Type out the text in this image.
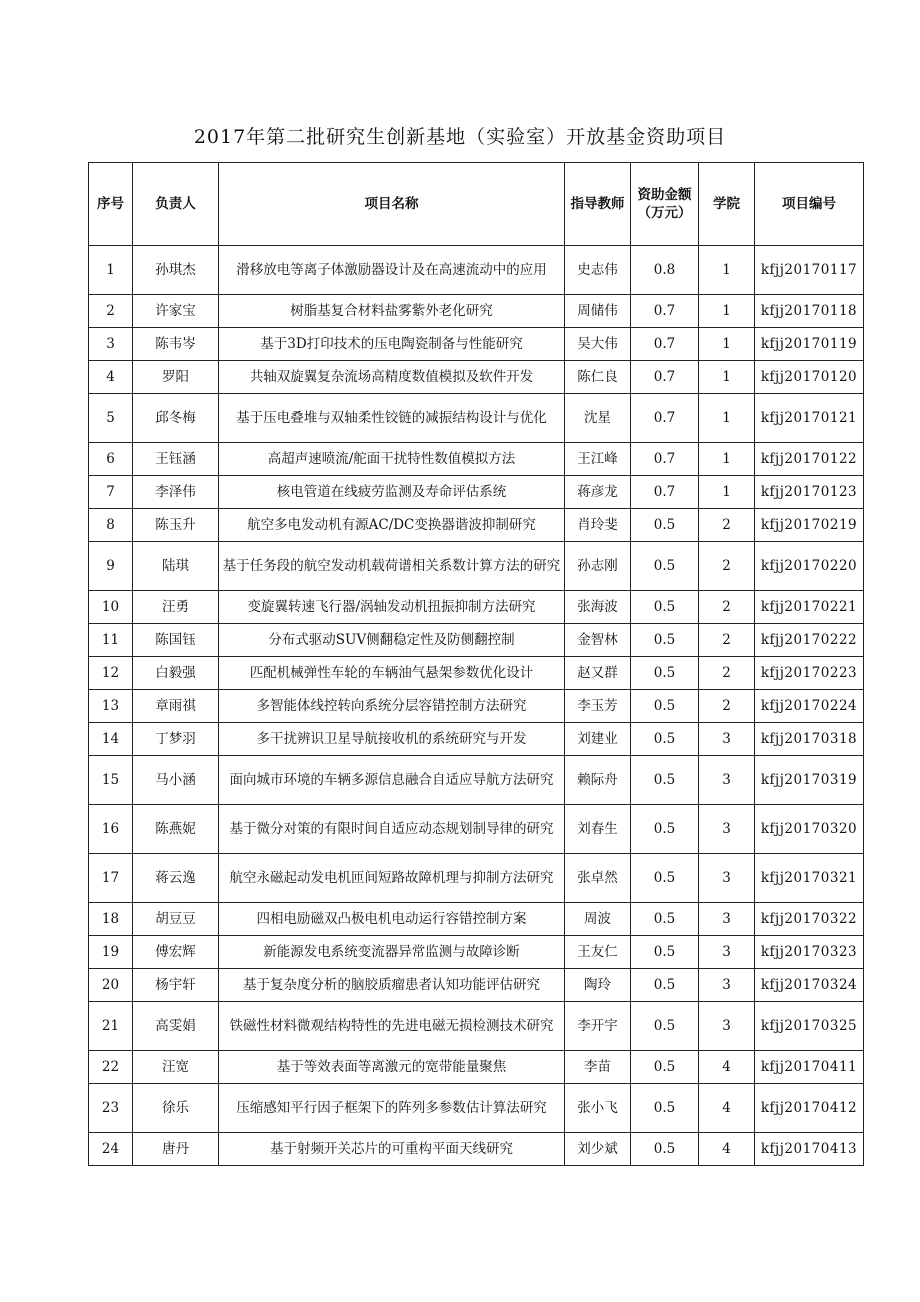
2017年第二批研究生创新基地（实验室）开放基金资助项目
序号	负责人	项目名称	指导教师	资助金额（万元）	学院	项目编号
1	孙琪杰	滑移放电等离子体激励器设计及在高速流动中的应用	史志伟	0.8	1	kfjj20170117
2	许家宝	树脂基复合材料盐雾紫外老化研究	周储伟	0.7	1	kfjj20170118
3	陈韦岑	基于3D打印技术的压电陶瓷制备与性能研究	吴大伟	0.7	1	kfjj20170119
4	罗阳	共轴双旋翼复杂流场高精度数值模拟及软件开发	陈仁良	0.7	1	kfjj20170120
5	邱冬梅	基于压电叠堆与双轴柔性铰链的减振结构设计与优化	沈星	0.7	1	kfjj20170121
6	王钰涵	高超声速喷流/舵面干扰特性数值模拟方法	王江峰	0.7	1	kfjj20170122
7	李泽伟	核电管道在线疲劳监测及寿命评估系统	蒋彦龙	0.7	1	kfjj20170123
8	陈玉升	航空多电发动机有源AC/DC变换器谐波抑制研究	肖玲斐	0.5	2	kfjj20170219
9	陆琪	基于任务段的航空发动机载荷谱相关系数计算方法的研究	孙志刚	0.5	2	kfjj20170220
10	汪勇	变旋翼转速飞行器/涡轴发动机扭振抑制方法研究	张海波	0.5	2	kfjj20170221
11	陈国钰	分布式驱动SUV侧翻稳定性及防侧翻控制	金智林	0.5	2	kfjj20170222
12	白毅强	匹配机械弹性车轮的车辆油气悬架参数优化设计	赵又群	0.5	2	kfjj20170223
13	章雨祺	多智能体线控转向系统分层容错控制方法研究	李玉芳	0.5	2	kfjj20170224
14	丁梦羽	多干扰辨识卫星导航接收机的系统研究与开发	刘建业	0.5	3	kfjj20170318
15	马小涵	面向城市环境的车辆多源信息融合自适应导航方法研究	赖际舟	0.5	3	kfjj20170319
16	陈燕妮	基于微分对策的有限时间自适应动态规划制导律的研究	刘春生	0.5	3	kfjj20170320
17	蒋云逸	航空永磁起动发电机匝间短路故障机理与抑制方法研究	张卓然	0.5	3	kfjj20170321
18	胡豆豆	四相电励磁双凸极电机电动运行容错控制方案	周波	0.5	3	kfjj20170322
19	傅宏辉	新能源发电系统变流器异常监测与故障诊断	王友仁	0.5	3	kfjj20170323
20	杨宇轩	基于复杂度分析的脑胶质瘤患者认知功能评估研究	陶玲	0.5	3	kfjj20170324
21	高雯娟	铁磁性材料微观结构特性的先进电磁无损检测技术研究	李开宇	0.5	3	kfjj20170325
22	汪宽	基于等效表面等离激元的宽带能量聚焦	李苗	0.5	4	kfjj20170411
23	徐乐	压缩感知平行因子框架下的阵列多参数估计算法研究	张小飞	0.5	4	kfjj20170412
24	唐丹	基于射频开关芯片的可重构平面天线研究	刘少斌	0.5	4	kfjj20170413
